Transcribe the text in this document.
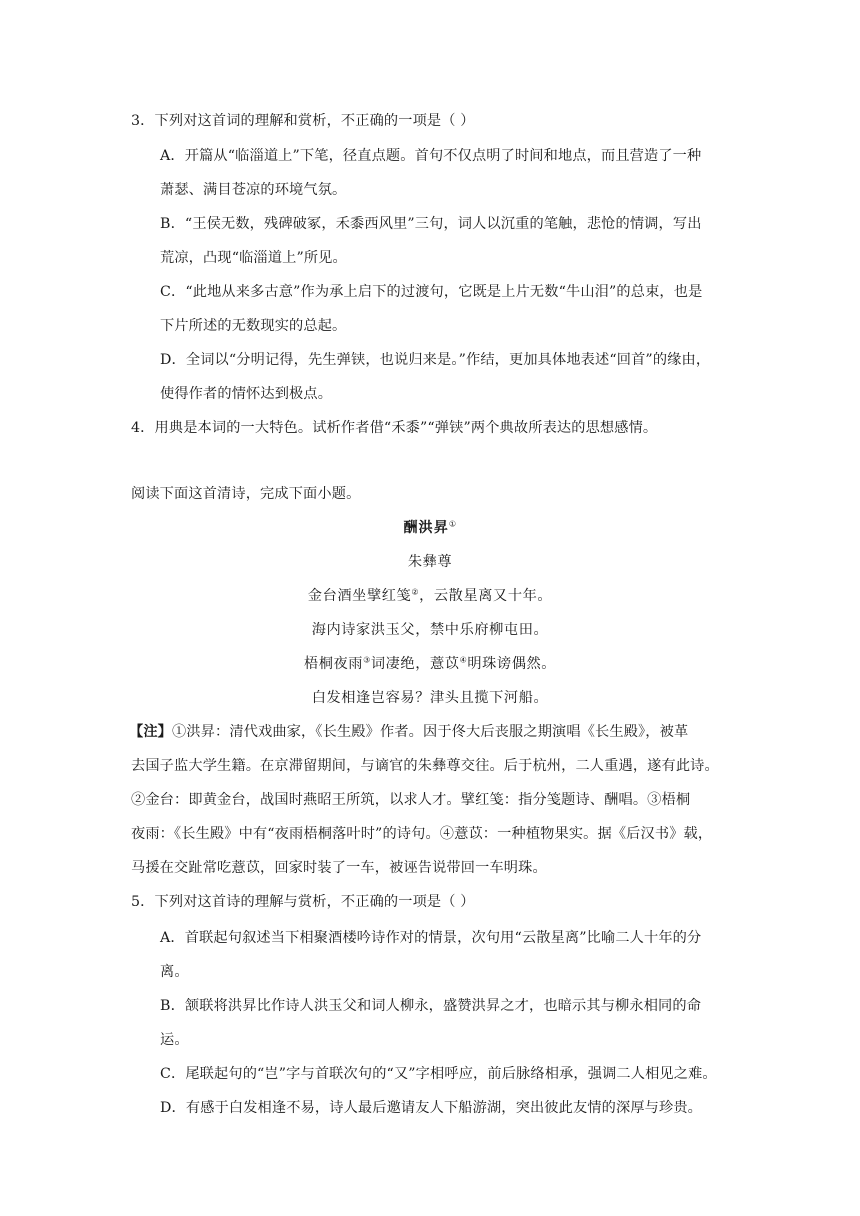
3．下列对这首词的理解和赏析，不正确的一项是（ ）
A．开篇从“临淄道上”下笔，径直点题。首句不仅点明了时间和地点，而且营造了一种
萧瑟、满目苍凉的环境气氛。
B．“王侯无数，残碑破冢，禾黍西风里”三句，词人以沉重的笔触，悲怆的情调，写出
荒凉，凸现“临淄道上”所见。
C．“此地从来多古意”作为承上启下的过渡句，它既是上片无数“牛山泪”的总束，也是
下片所述的无数现实的总起。
D．全词以“分明记得，先生弹铗，也说归来是。”作结，更加具体地表述“回首”的缘由，
使得作者的情怀达到极点。
4．用典是本词的一大特色。试析作者借“禾黍”“弹铗”两个典故所表达的思想感情。
阅读下面这首清诗，完成下面小题。
酬洪昇①
朱彝尊
金台酒坐擘红笺②，云散星离又十年。
海内诗家洪玉父，禁中乐府柳屯田。
梧桐夜雨③词凄绝，薏苡④明珠谤偶然。
白发相逢岂容易？津头且揽下河船。
【注】①洪昇：清代戏曲家，《长生殿》作者。因于佟大后丧服之期演唱《长生殿》，被革
去国子监大学生籍。在京滞留期间，与谪官的朱彝尊交往。后于杭州，二人重遇，遂有此诗。
②金台：即黄金台，战国时燕昭王所筑，以求人才。擘红笺：指分笺题诗、酬唱。③梧桐
夜雨：《长生殿》中有“夜雨梧桐落叶时”的诗句。④薏苡：一种植物果实。据《后汉书》载，
马援在交趾常吃薏苡，回家时装了一车，被诬告说带回一车明珠。
5．下列对这首诗的理解与赏析，不正确的一项是（ ）
A．首联起句叙述当下相聚酒楼吟诗作对的情景，次句用“云散星离”比喻二人十年的分
离。
B．颔联将洪昇比作诗人洪玉父和词人柳永，盛赞洪昇之才，也暗示其与柳永相同的命
运。
C．尾联起句的“岂”字与首联次句的“又”字相呼应，前后脉络相承，强调二人相见之难。
D．有感于白发相逢不易，诗人最后邀请友人下船游湖，突出彼此友情的深厚与珍贵。
